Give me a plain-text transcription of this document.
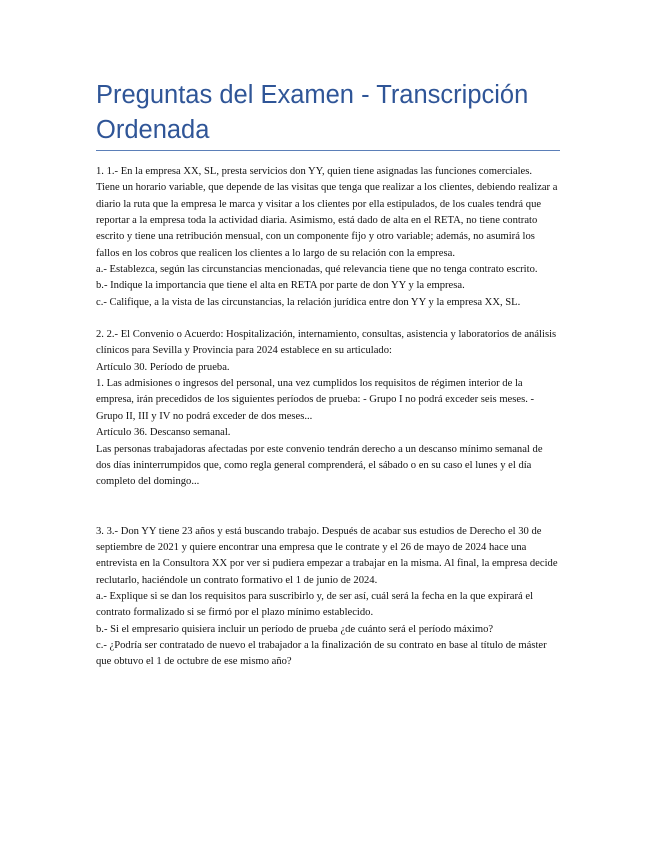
Preguntas del Examen - Transcripción Ordenada

1. 1.- En la empresa XX, SL, presta servicios don YY, quien tiene asignadas las funciones comerciales. Tiene un horario variable, que depende de las visitas que tenga que realizar a los clientes, debiendo realizar a diario la ruta que la empresa le marca y visitar a los clientes por ella estipulados, de los cuales tendrá que reportar a la empresa toda la actividad diaria. Asimismo, está dado de alta en el RETA, no tiene contrato escrito y tiene una retribución mensual, con un componente fijo y otro variable; además, no asumirá los fallos en los cobros que realicen los clientes a lo largo de su relación con la empresa.

a.- Establezca, según las circunstancias mencionadas, qué relevancia tiene que no tenga contrato escrito.

b.- Indique la importancia que tiene el alta en RETA por parte de don YY y la empresa.

c.- Califique, a la vista de las circunstancias, la relación jurídica entre don YY y la empresa XX, SL.

2. 2.- El Convenio o Acuerdo: Hospitalización, internamiento, consultas, asistencia y laboratorios de análisis clínicos para Sevilla y Provincia para 2024 establece en su articulado:

Artículo 30. Período de prueba.

1. Las admisiones o ingresos del personal, una vez cumplidos los requisitos de régimen interior de la empresa, irán precedidos de los siguientes períodos de prueba: - Grupo I no podrá exceder seis meses. - Grupo II, III y IV no podrá exceder de dos meses...

Artículo 36. Descanso semanal.

Las personas trabajadoras afectadas por este convenio tendrán derecho a un descanso mínimo semanal de dos días ininterrumpidos que, como regla general comprenderá, el sábado o en su caso el lunes y el día completo del domingo...

3. 3.- Don YY tiene 23 años y está buscando trabajo. Después de acabar sus estudios de Derecho el 30 de septiembre de 2021 y quiere encontrar una empresa que le contrate y el 26 de mayo de 2024 hace una entrevista en la Consultora XX por ver si pudiera empezar a trabajar en la misma. Al final, la empresa decide reclutarlo, haciéndole un contrato formativo el 1 de junio de 2024.

a.- Explique si se dan los requisitos para suscribirlo y, de ser así, cuál será la fecha en la que expirará el contrato formalizado si se firmó por el plazo mínimo establecido.

b.- Si el empresario quisiera incluir un período de prueba ¿de cuánto será el período máximo?

c.- ¿Podría ser contratado de nuevo el trabajador a la finalización de su contrato en base al título de máster que obtuvo el 1 de octubre de ese mismo año?
